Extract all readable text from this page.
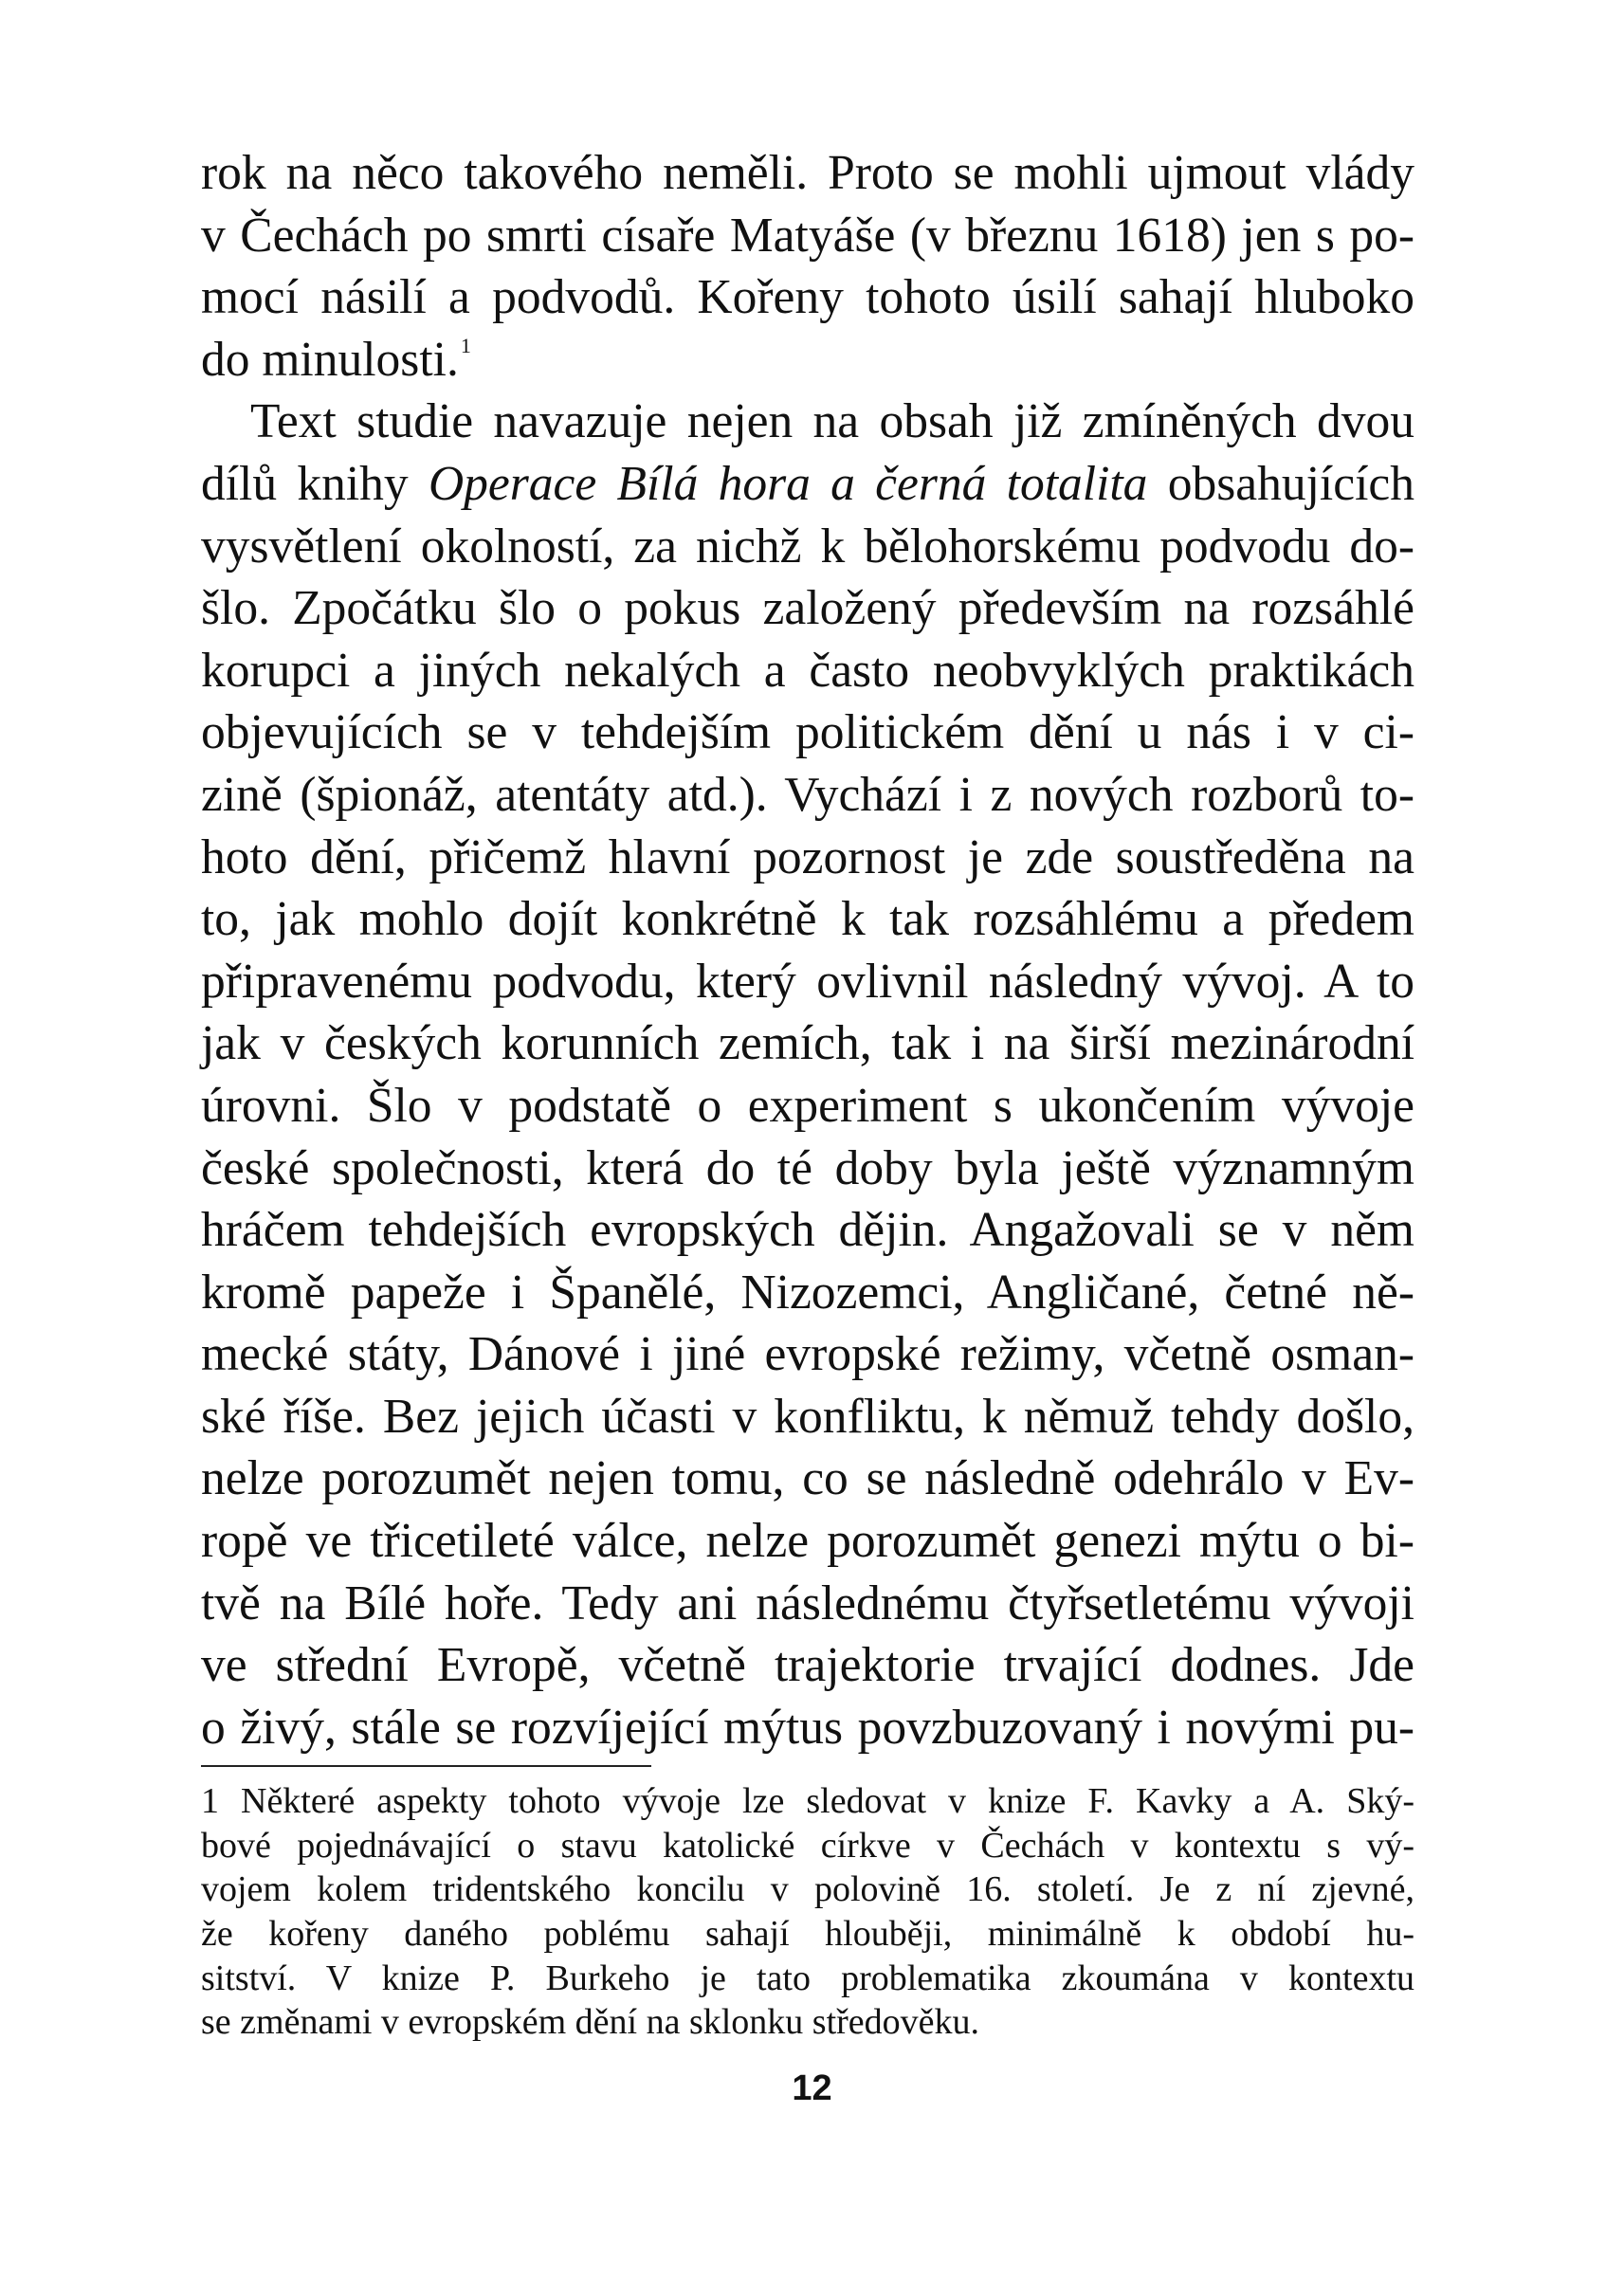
rok na něco takového neměli. Proto se mohli ujmout vlády
v Čechách po smrti císaře Matyáše (v březnu 1618) jen s po-
mocí násilí a podvodů. Kořeny tohoto úsilí sahají hluboko
do minulosti.$^1$
Text studie navazuje nejen na obsah již zmíněných dvou
dílů knihy Operace Bílá hora a černá totalita obsahujících
vysvětlení okolností, za nichž k bělohorskému podvodu do-
šlo. Zpočátku šlo o pokus založený především na rozsáhlé
korupci a jiných nekalých a často neobvyklých praktikách
objevujících se v tehdejším politickém dění u nás i v ci-
zině (špionáž, atentáty atd.). Vychází i z nových rozborů to-
hoto dění, přičemž hlavní pozornost je zde soustředěna na
to, jak mohlo dojít konkrétně k tak rozsáhlému a předem
připravenému podvodu, který ovlivnil následný vývoj. A to
jak v českých korunních zemích, tak i na širší mezinárodní
úrovni. Šlo v podstatě o experiment s ukončením vývoje
české společnosti, která do té doby byla ještě významným
hráčem tehdejších evropských dějin. Angažovali se v něm
kromě papeže i Španělé, Nizozemci, Angličané, četné ně-
mecké státy, Dánové i jiné evropské režimy, včetně osman-
ské říše. Bez jejich účasti v konfliktu, k němuž tehdy došlo,
nelze porozumět nejen tomu, co se následně odehrálo v Ev-
ropě ve třicetileté válce, nelze porozumět genezi mýtu o bi-
tvě na Bílé hoře. Tedy ani následnému čtyřsetletému vývoji
ve střední Evropě, včetně trajektorie trvající dodnes. Jde
o živý, stále se rozvíjející mýtus povzbuzovaný i novými pu-
1 Některé aspekty tohoto vývoje lze sledovat v knize F. Kavky a A. Ský-
bové pojednávající o stavu katolické církve v Čechách v kontextu s vý-
vojem kolem tridentského koncilu v polovině 16. století. Je z ní zjevné,
že kořeny daného poblému sahají hlouběji, minimálně k období hu-
sitství. V knize P. Burkeho je tato problematika zkoumána v kontextu
se změnami v evropském dění na sklonku středověku.
12
